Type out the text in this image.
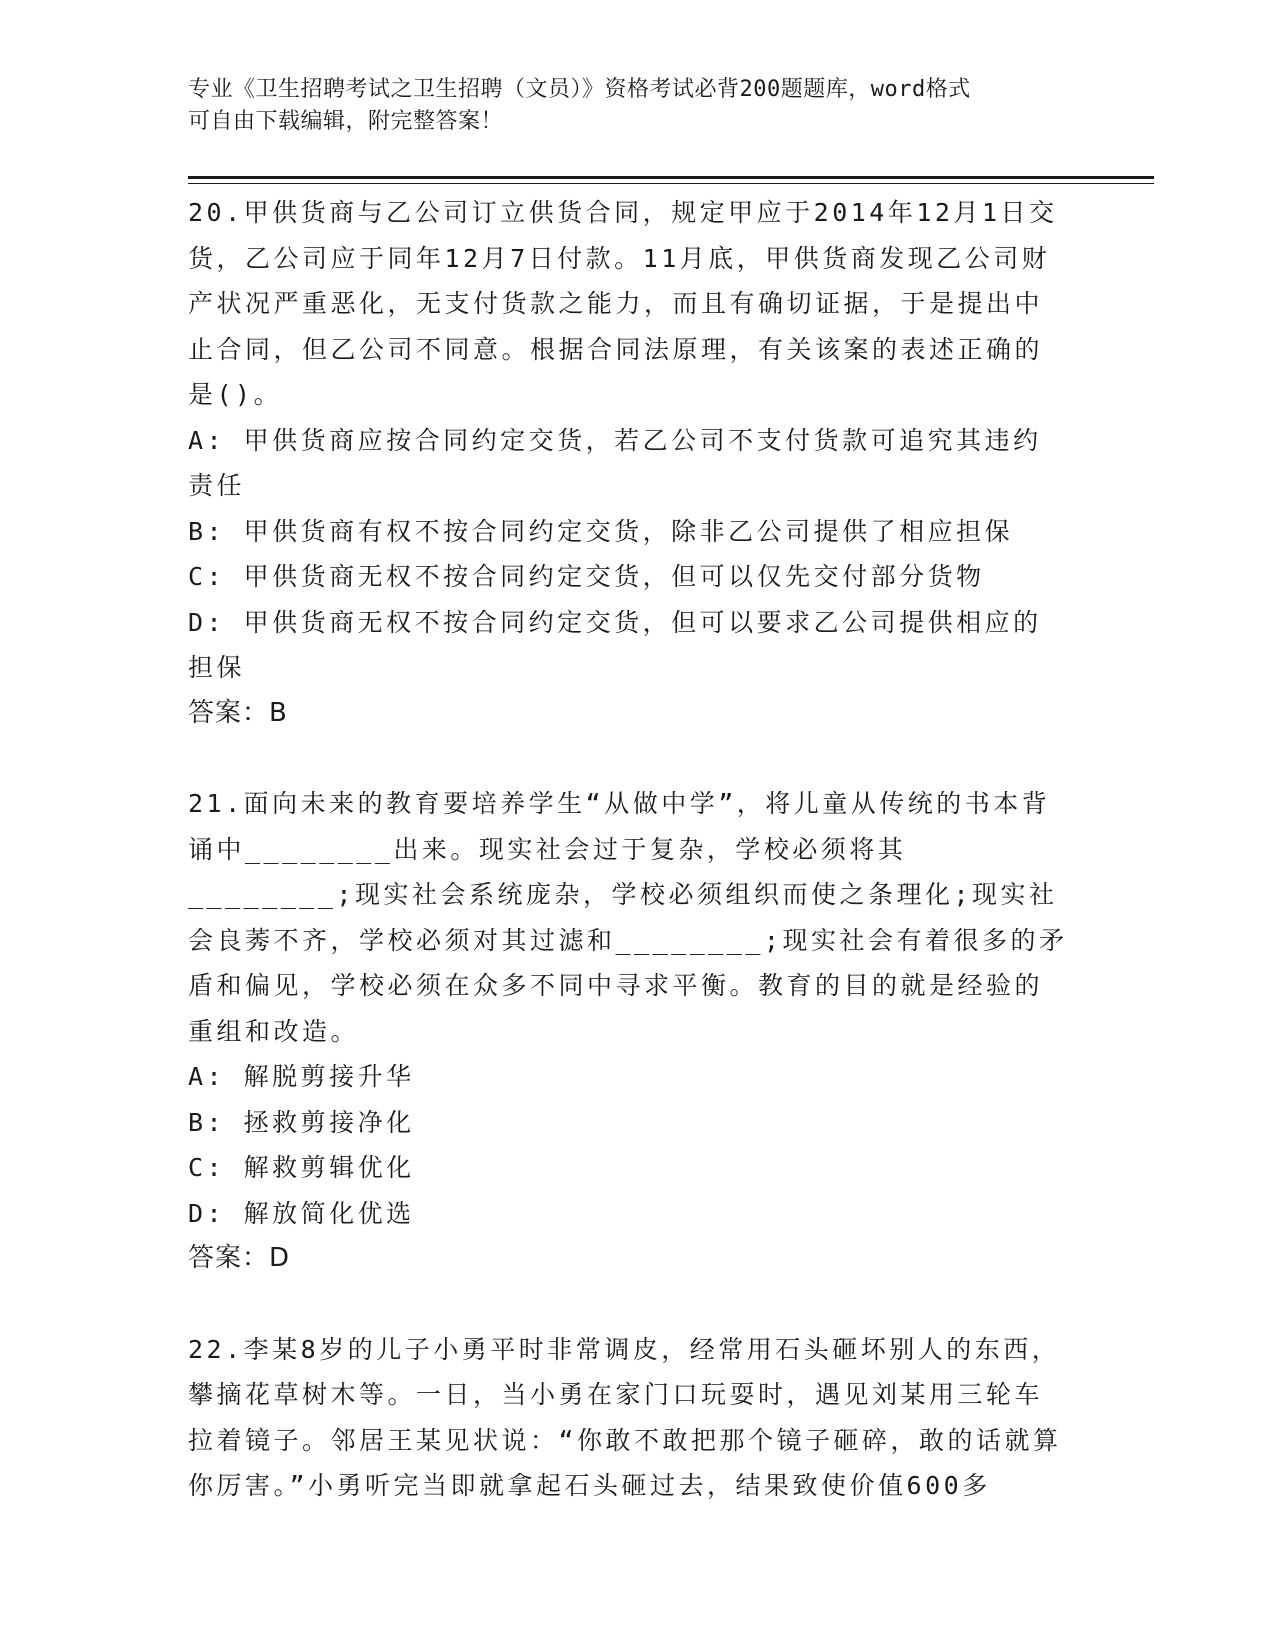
专业《卫生招聘考试之卫生招聘（文员）》资格考试必背200题题库，word格式
可自由下载编辑，附完整答案！

20.甲供货商与乙公司订立供货合同，规定甲应于2014年12月1日交货，乙公司应于同年12月7日付款。11月底，甲供货商发现乙公司财产状况严重恶化，无支付货款之能力，而且有确切证据，于是提出中止合同，但乙公司不同意。根据合同法原理，有关该案的表述正确的是()。

A: 甲供货商应按合同约定交货，若乙公司不支付货款可追究其违约责任

B: 甲供货商有权不按合同约定交货，除非乙公司提供了相应担保

C: 甲供货商无权不按合同约定交货，但可以仅先交付部分货物

D: 甲供货商无权不按合同约定交货，但可以要求乙公司提供相应的担保

答案：B

21.面向未来的教育要培养学生“从做中学”，将儿童从传统的书本背诵中________出来。现实社会过于复杂，学校必须将其________;现实社会系统庞杂，学校必须组织而使之条理化;现实社会良莠不齐，学校必须对其过滤和________;现实社会有着很多的矛盾和偏见，学校必须在众多不同中寻求平衡。教育的目的就是经验的重组和改造。

A: 解脱剪接升华

B: 拯救剪接净化

C: 解救剪辑优化

D: 解放简化优选

答案：D

22.李某8岁的儿子小勇平时非常调皮，经常用石头砸坏别人的东西，攀摘花草树木等。一日，当小勇在家门口玩耍时，遇见刘某用三轮车拉着镜子。邻居王某见状说：“你敢不敢把那个镜子砸碎，敢的话就算你厉害。”小勇听完当即就拿起石头砸过去，结果致使价值600多
